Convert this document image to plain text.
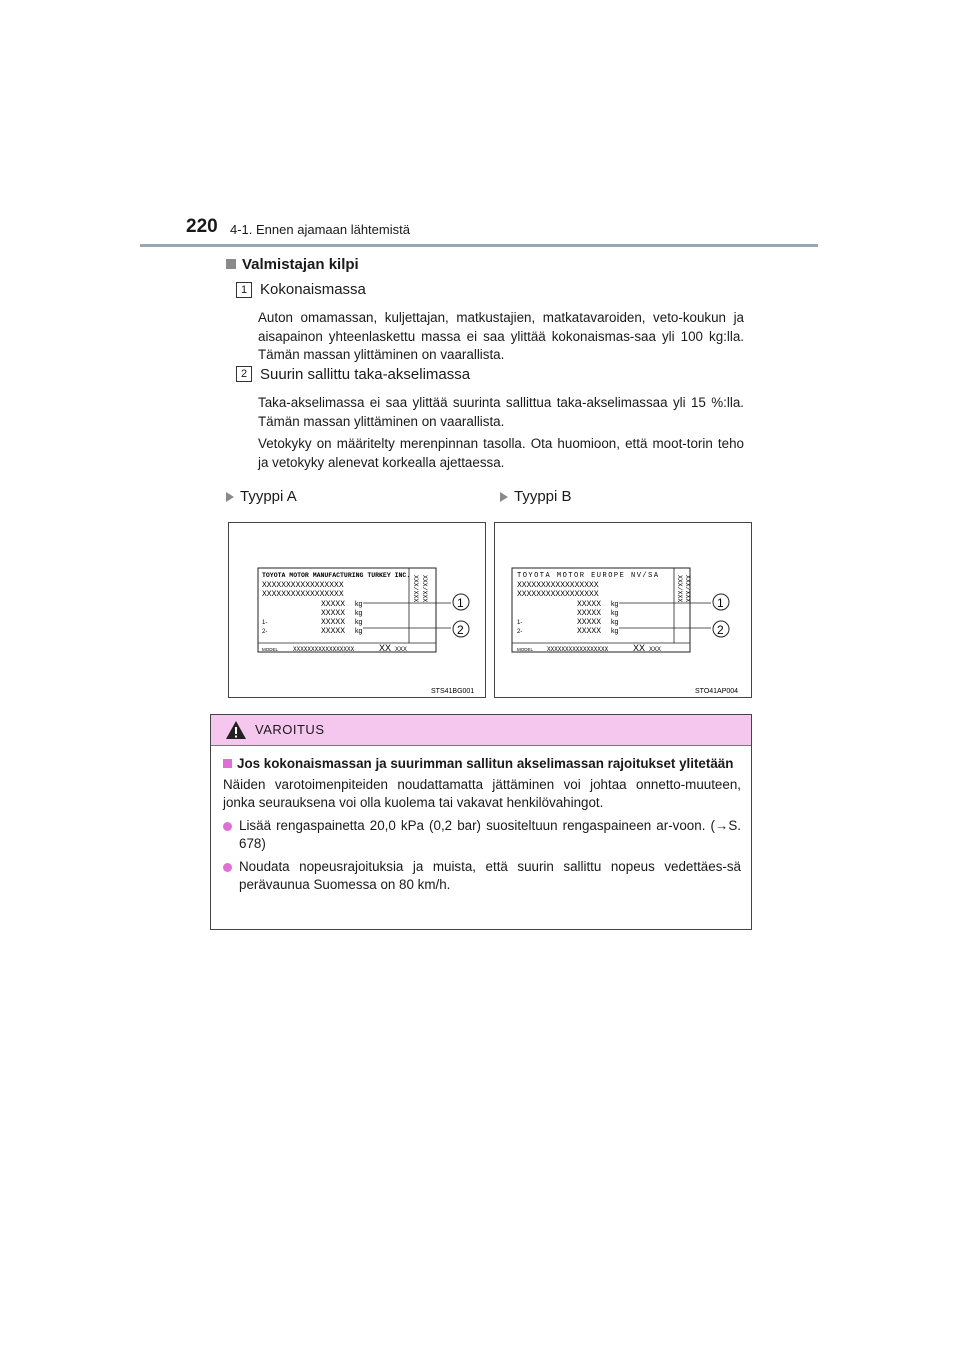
220 4-1. Ennen ajamaan lähtemistä
Valmistajan kilpi
1 Kokonaismassa
Auton omamassan, kuljettajan, matkustajien, matkatavaroiden, veto-koukun ja aisapainon yhteenlaskettu massa ei saa ylittää kokonaismas-saa yli 100 kg:lla. Tämän massan ylittäminen on vaarallista.
2 Suurin sallittu taka-akselimassa
Taka-akselimassa ei saa ylittää suurinta sallittua taka-akselimassaa yli 15 %:lla. Tämän massan ylittäminen on vaarallista.
Vetokyky on määritelty merenpinnan tasolla. Ota huomioon, että moot-torin teho ja vetokyky alenevat korkealla ajettaessa.
Tyyppi A	Tyyppi B
TOYOTA MOTOR MANUFACTURING TURKEY INC.
XXXXXXXXXXXXXXXXX
XXXXXXXXXXXXXXXXX
XXXXX kg
XXXXX kg
1-	XXXXX kg
2-	XXXXX kg
MODEL XXXXXXXXXXXXXXXXX	XX XXX
XXX/XXX XXX/XXX
1
2
STS41BG001
TOYOTA MOTOR EUROPE NV/SA
XXXXXXXXXXXXXXXXX
XXXXXXXXXXXXXXXXX
XXXXX kg
XXXXX kg
1-	XXXXX kg
2-	XXXXX kg
MODEL XXXXXXXXXXXXXXXXX	XX XXX
XXX/XXX XXX/XXX
1
2
STO41AP004
VAROITUS
Jos kokonaismassan ja suurimman sallitun akselimassan rajoitukset ylitetään
Näiden varotoimenpiteiden noudattamatta jättäminen voi johtaa onnetto-muuteen, jonka seurauksena voi olla kuolema tai vakavat henkilövahingot.
Lisää rengaspainetta 20,0 kPa (0,2 bar) suositeltuun rengaspaineen ar-voon. (→S. 678)
Noudata nopeusrajoituksia ja muista, että suurin sallittu nopeus vedettäes-sä perävaunua Suomessa on 80 km/h.
